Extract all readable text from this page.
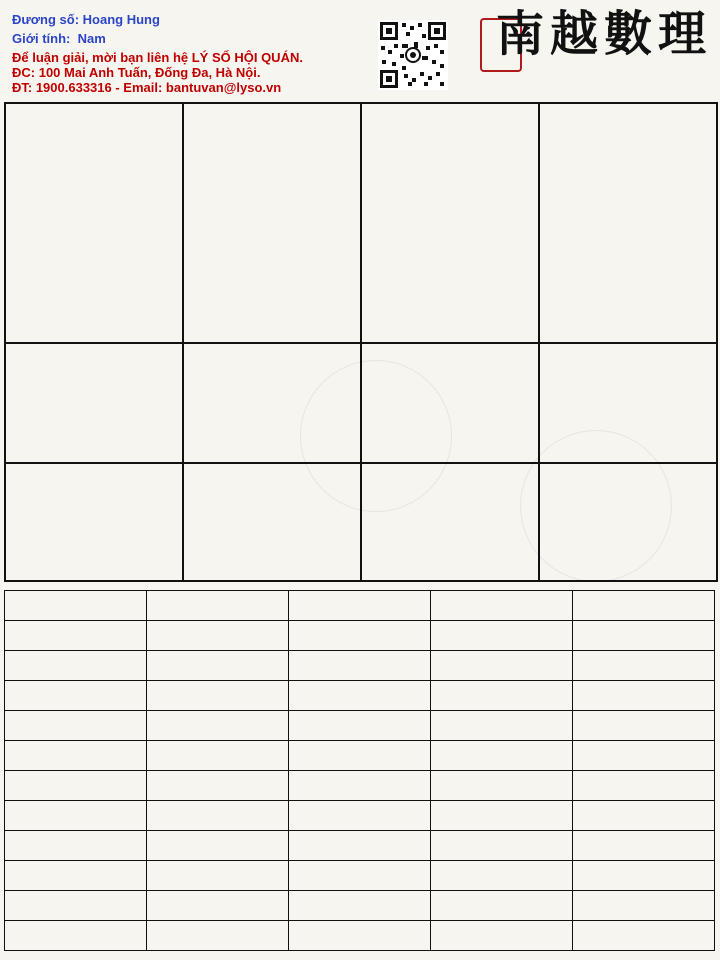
Đương số: Hoang Hung
Giới tính: Nam
Để luận giải, mời bạn liên hệ LÝ SỐ HỘI QUÁN.
ĐC: 100 Mai Anh Tuấn, Đống Đa, Hà Nội.
ĐT: 1900.633316 - Email: bantuvan@lyso.vn
南越數理
